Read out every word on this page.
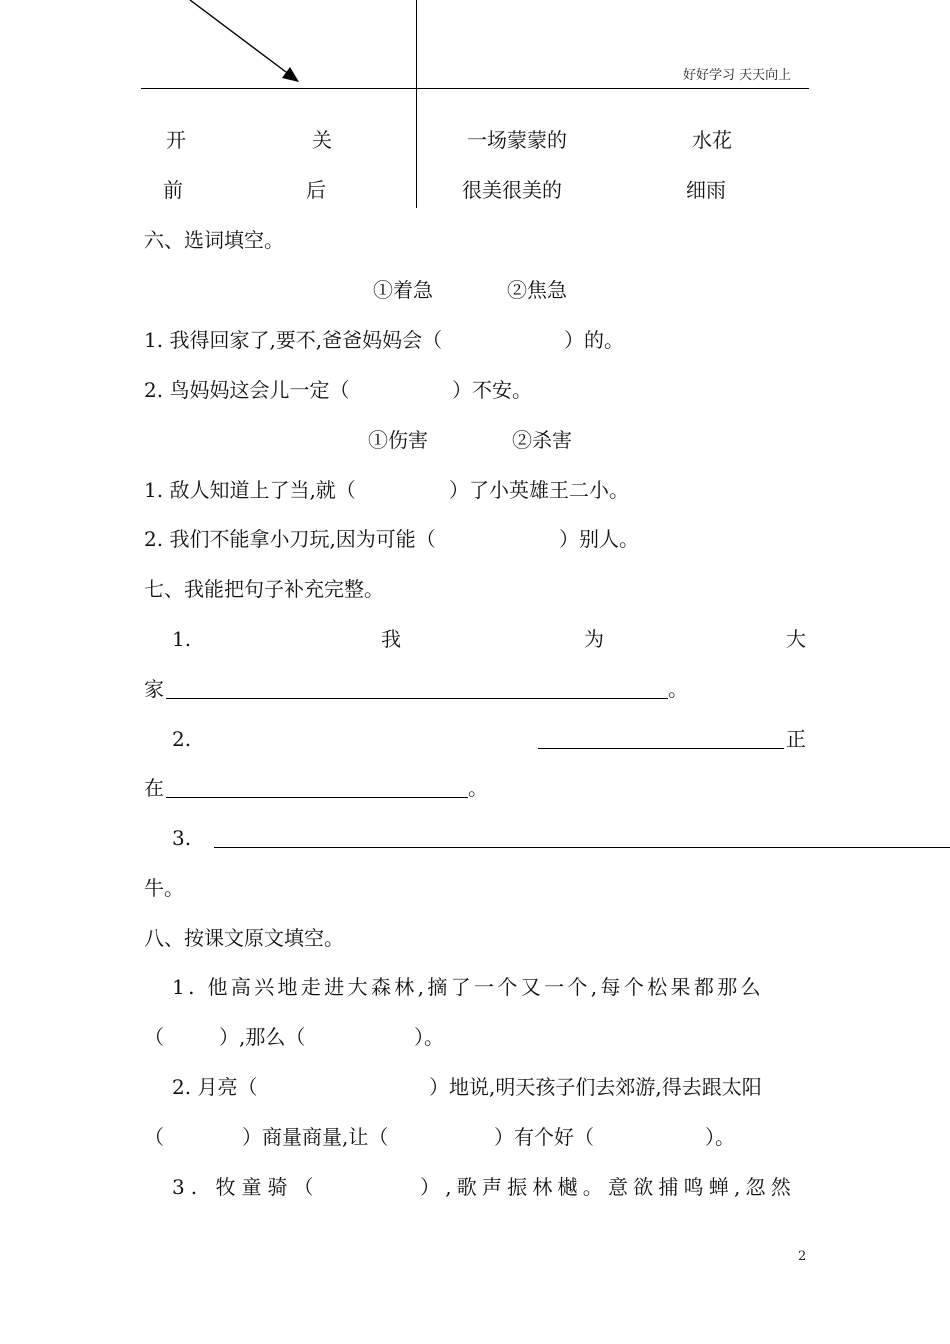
好好学习 天天向上
开	关	一场蒙蒙的	水花
前	后	很美很美的	细雨
六、选词填空。
①着急	②焦急
1. 我得回家了,要不,爸爸妈妈会（	）的。
2. 鸟妈妈这会儿一定（	）不安。
①伤害	②杀害
1. 敌人知道上了当,就（	）了小英雄王二小。
2. 我们不能拿小刀玩,因为可能（	）别人。
七、我能把句子补充完整。
1.	我	为	大
家	。
2.	正
在	。
3.
牛。
八、按课文原文填空。
1. 他高兴地走进大森林,摘了一个又一个,每个松果都那么
（	）,那么（	）。
2. 月亮（	）地说,明天孩子们去郊游,得去跟太阳
（	）商量商量,让（	）有个好（	）。
3. 牧童骑（	）,歌声振林樾。意欲捕鸣蝉,忽然
2
